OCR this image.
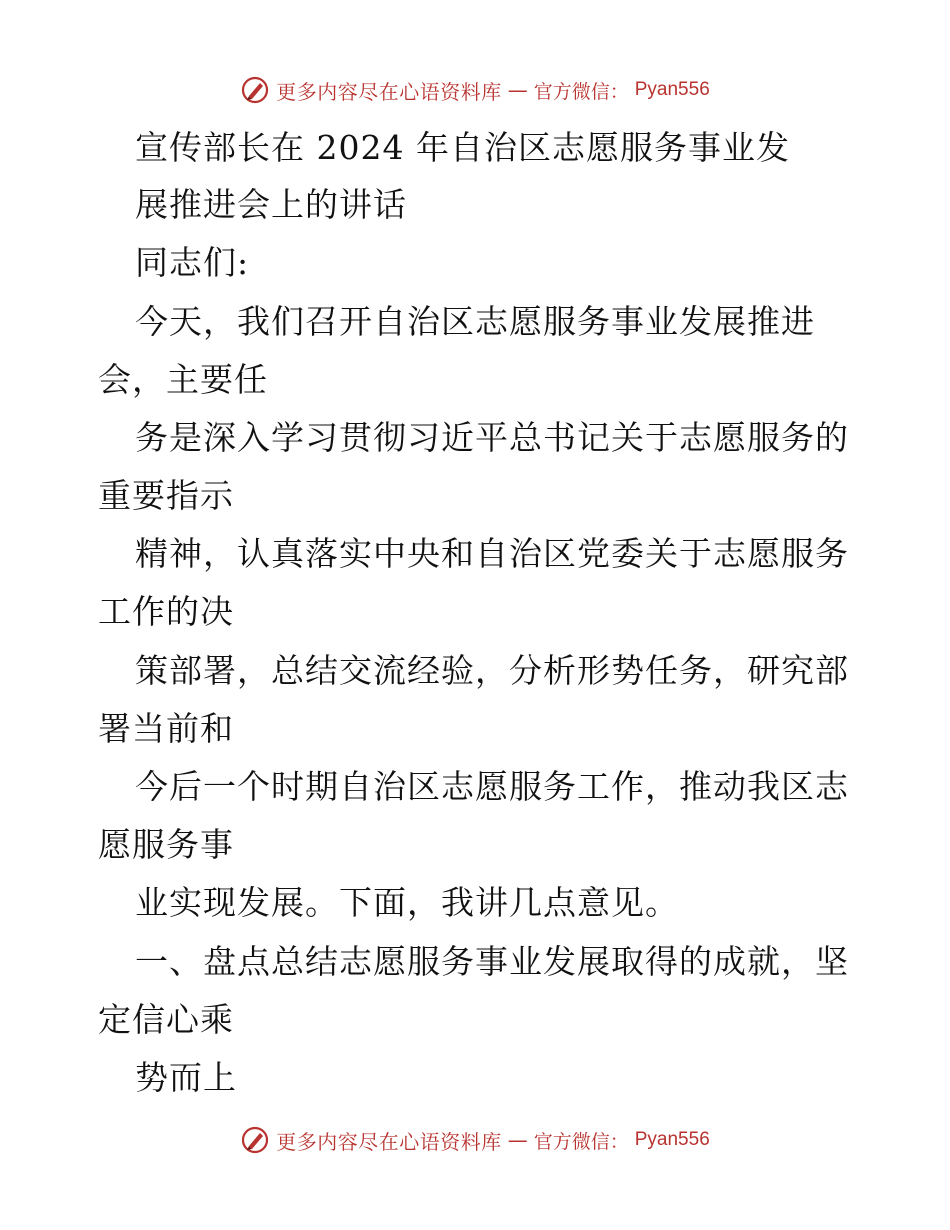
更多内容尽在心语资料库 — 官方微信： Pyan556
宣传部长在 2024 年自治区志愿服务事业发
展推进会上的讲话
同志们:
今天，我们召开自治区志愿服务事业发展推进
会，主要任
务是深入学习贯彻习近平总书记关于志愿服务的
重要指示
精神，认真落实中央和自治区党委关于志愿服务
工作的决
策部署，总结交流经验，分析形势任务，研究部
署当前和
今后一个时期自治区志愿服务工作，推动我区志
愿服务事
业实现发展。下面，我讲几点意见。
一、盘点总结志愿服务事业发展取得的成就，坚
定信心乘
势而上
更多内容尽在心语资料库 — 官方微信： Pyan556
